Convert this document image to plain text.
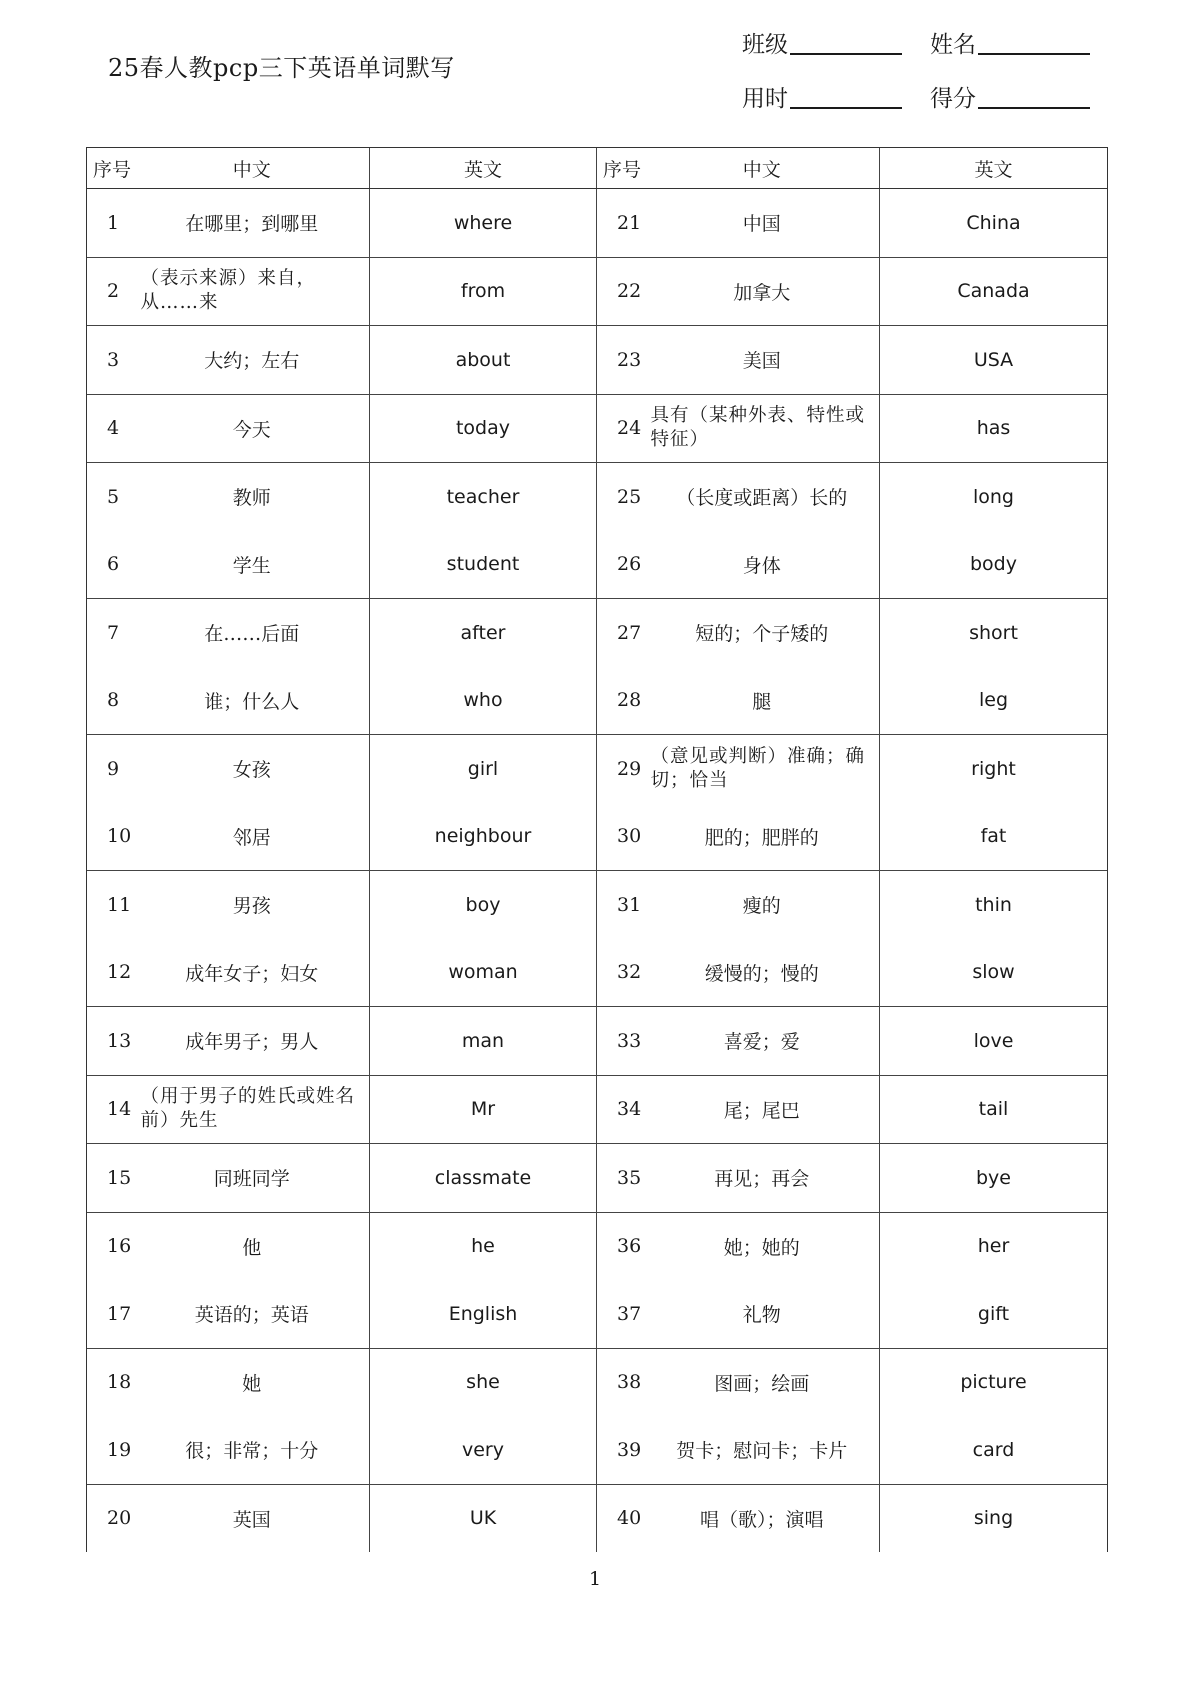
25春人教pcp三下英语单词默写
班级	姓名
用时	得分
序号	中文	英文	序号	中文	英文
1	在哪里；到哪里	where	21	中国	China
2	（表示来源）来自，从……来	from	22	加拿大	Canada
3	大约；左右	about	23	美国	USA
4	今天	today	24	具有（某种外表、特性或特征）	has
5	教师	teacher	25	（长度或距离）长的	long
6	学生	student	26	身体	body
7	在……后面	after	27	短的；个子矮的	short
8	谁；什么人	who	28	腿	leg
9	女孩	girl	29	（意见或判断）准确；确切；恰当	right
10	邻居	neighbour	30	肥的；肥胖的	fat
11	男孩	boy	31	瘦的	thin
12	成年女子；妇女	woman	32	缓慢的；慢的	slow
13	成年男子；男人	man	33	喜爱；爱	love
14	（用于男子的姓氏或姓名前）先生	Mr	34	尾；尾巴	tail
15	同班同学	classmate	35	再见；再会	bye
16	他	he	36	她；她的	her
17	英语的；英语	English	37	礼物	gift
18	她	she	38	图画；绘画	picture
19	很；非常；十分	very	39	贺卡；慰问卡；卡片	card
20	英国	UK	40	唱（歌）；演唱	sing
1
